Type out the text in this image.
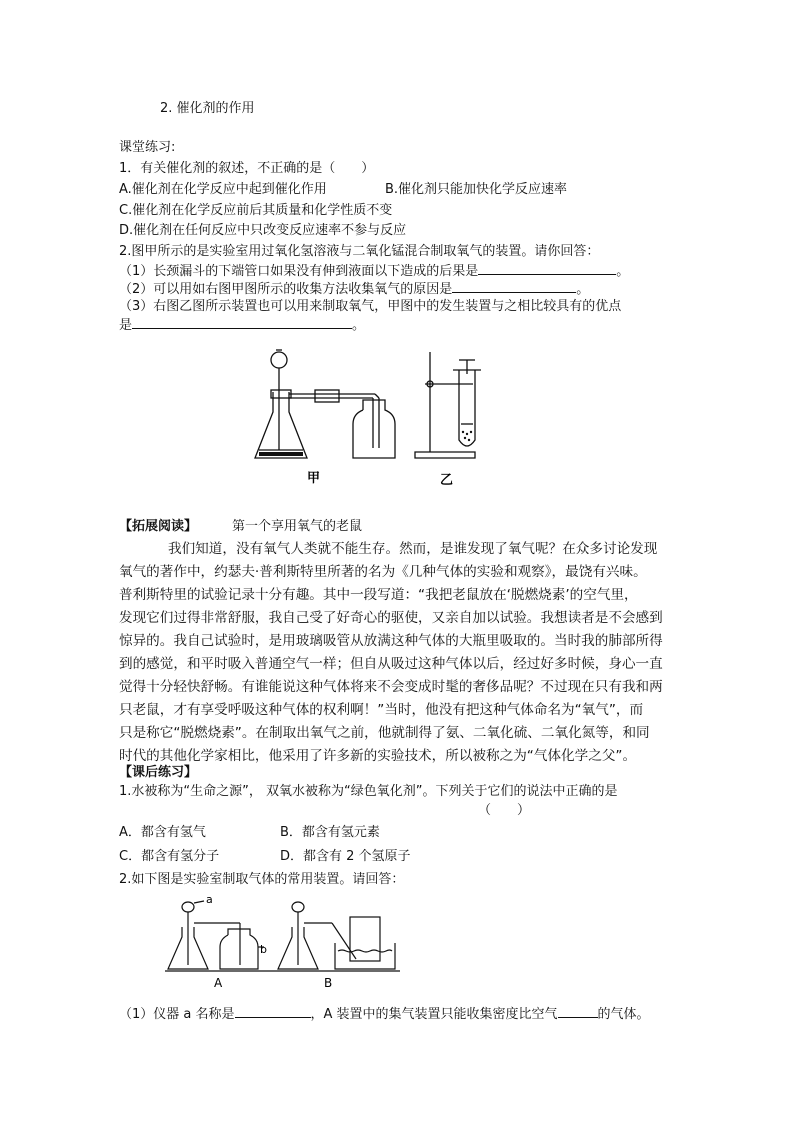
2. 催化剂的作用
课堂练习:
1．有关催化剂的叙述，不正确的是（　　）
A.催化剂在化学反应中起到催化作用	B.催化剂只能加快化学反应速率
C.催化剂在化学反应前后其质量和化学性质不变
D.催化剂在任何反应中只改变反应速率不参与反应
2.图甲所示的是实验室用过氧化氢溶液与二氧化锰混合制取氧气的装置。请你回答：
（1）长颈漏斗的下端管口如果没有伸到液面以下造成的后果是	。
（2）可以用如右图甲图所示的收集方法收集氧气的原因是	。
（3）右图乙图所示装置也可以用来制取氧气，甲图中的发生装置与之相比较具有的优点
是	。
甲	乙
【拓展阅读】	第一个享用氧气的老鼠
我们知道，没有氧气人类就不能生存。然而，是谁发现了氧气呢？在众多讨论发现
氧气的著作中，约瑟夫·普利斯特里所著的名为《几种气体的实验和观察》，最饶有兴味。
普利斯特里的试验记录十分有趣。其中一段写道：“我把老鼠放在‘脱燃烧素’的空气里，
发现它们过得非常舒服，我自己受了好奇心的驱使，又亲自加以试验。我想读者是不会感到
惊异的。我自己试验时，是用玻璃吸管从放满这种气体的大瓶里吸取的。当时我的肺部所得
到的感觉，和平时吸入普通空气一样；但自从吸过这种气体以后，经过好多时候，身心一直
觉得十分轻快舒畅。有谁能说这种气体将来不会变成时髦的奢侈品呢？不过现在只有我和两
只老鼠，才有享受呼吸这种气体的权利啊！”当时，他没有把这种气体命名为“氧气”，而
只是称它“脱燃烧素”。在制取出氧气之前，他就制得了氨、二氧化硫、二氧化氮等，和同
时代的其他化学家相比，他采用了许多新的实验技术，所以被称之为“气体化学之父”。
【课后练习】
1.水被称为“生命之源”， 双氧水被称为“绿色氧化剂”。下列关于它们的说法中正确的是
（　　）
A．都含有氢气	B．都含有氢元素
C．都含有氢分子	D．都含有 2 个氢原子
2.如下图是实验室制取气体的常用装置。请回答：
a
b
A	B
（1）仪器 a 名称是	，A 装置中的集气装置只能收集密度比空气	的气体。
